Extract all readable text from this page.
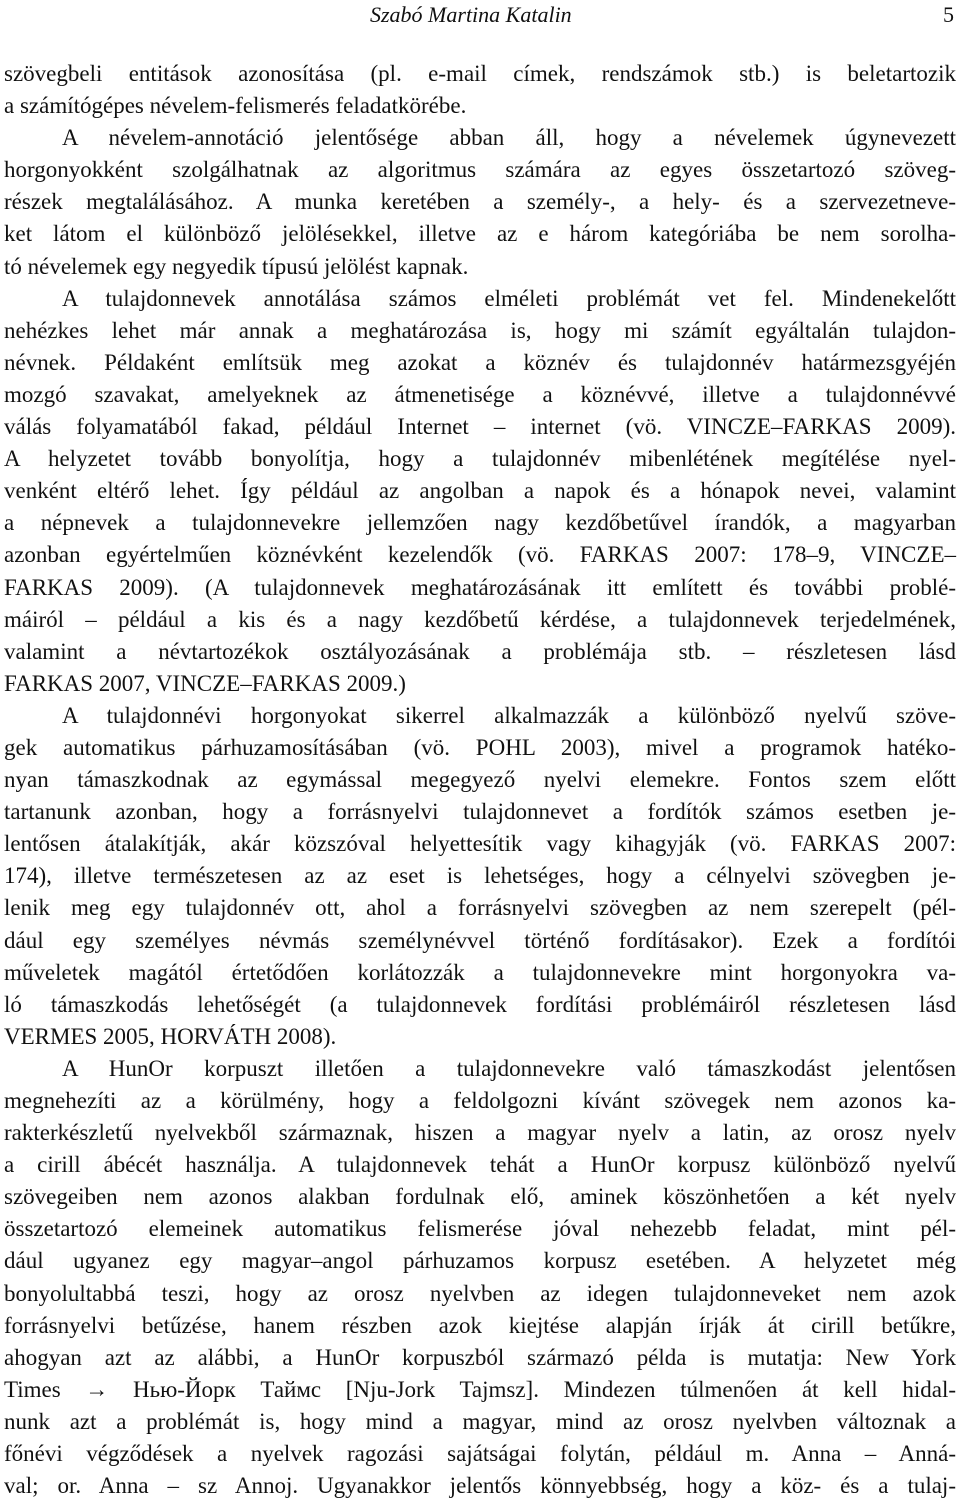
Szabó Martina Katalin	5
szövegbeli entitások azonosítása (pl. e-mail címek, rendszámok stb.) is beletartozik
a számítógépes névelem-felismerés feladatkörébe.
A névelem-annotáció jelentősége abban áll, hogy a névelemek úgynevezett
horgonyokként szolgálhatnak az algoritmus számára az egyes összetartozó szöveg-
részek megtalálásához. A munka keretében a személy-, a hely- és a szervezetneve-
ket látom el különböző jelölésekkel, illetve az e három kategóriába be nem sorolha-
tó névelemek egy negyedik típusú jelölést kapnak.
A tulajdonnevek annotálása számos elméleti problémát vet fel. Mindenekelőtt
nehézkes lehet már annak a meghatározása is, hogy mi számít egyáltalán tulajdon-
névnek. Példaként említsük meg azokat a köznév és tulajdonnév határmezsgyéjén
mozgó szavakat, amelyeknek az átmenetisége a köznévvé, illetve a tulajdonnévvé
válás folyamatából fakad, például Internet – internet (vö. VINCZE–FARKAS 2009).
A helyzetet tovább bonyolítja, hogy a tulajdonnév mibenlétének megítélése nyel-
venként eltérő lehet. Így például az angolban a napok és a hónapok nevei, valamint
a népnevek a tulajdonnevekre jellemzően nagy kezdőbetűvel írandók, a magyarban
azonban egyértelműen köznévként kezelendők (vö. FARKAS 2007: 178–9, VINCZE–
FARKAS 2009). (A tulajdonnevek meghatározásának itt említett és további problé-
máiról – például a kis és a nagy kezdőbetű kérdése, a tulajdonnevek terjedelmének,
valamint a névtartozékok osztályozásának a problémája stb. – részletesen lásd
FARKAS 2007, VINCZE–FARKAS 2009.)
A tulajdonnévi horgonyokat sikerrel alkalmazzák a különböző nyelvű szöve-
gek automatikus párhuzamosításában (vö. POHL 2003), mivel a programok hatéko-
nyan támaszkodnak az egymással megegyező nyelvi elemekre. Fontos szem előtt
tartanunk azonban, hogy a forrásnyelvi tulajdonnevet a fordítók számos esetben je-
lentősen átalakítják, akár közszóval helyettesítik vagy kihagyják (vö. FARKAS 2007:
174), illetve természetesen az az eset is lehetséges, hogy a célnyelvi szövegben je-
lenik meg egy tulajdonnév ott, ahol a forrásnyelvi szövegben az nem szerepelt (pél-
dául egy személyes névmás személynévvel történő fordításakor). Ezek a fordítói
műveletek magától értetődően korlátozzák a tulajdonnevekre mint horgonyokra va-
ló támaszkodás lehetőségét (a tulajdonnevek fordítási problémáiról részletesen lásd
VERMES 2005, HORVÁTH 2008).
A HunOr korpuszt illetően a tulajdonnevekre való támaszkodást jelentősen
megnehezíti az a körülmény, hogy a feldolgozni kívánt szövegek nem azonos ka-
rakterkészletű nyelvekből származnak, hiszen a magyar nyelv a latin, az orosz nyelv
a cirill ábécét használja. A tulajdonnevek tehát a HunOr korpusz különböző nyelvű
szövegeiben nem azonos alakban fordulnak elő, aminek köszönhetően a két nyelv
összetartozó elemeinek automatikus felismerése jóval nehezebb feladat, mint pél-
dául ugyanez egy magyar–angol párhuzamos korpusz esetében. A helyzetet még
bonyolultabbá teszi, hogy az orosz nyelvben az idegen tulajdonneveket nem azok
forrásnyelvi betűzése, hanem részben azok kiejtése alapján írják át cirill betűkre,
ahogyan azt az alábbi, a HunOr korpuszból származó példa is mutatja: New York
Times → Нью-Йорк Таймс [Nju-Jork Tajmsz]. Mindezen túlmenően át kell hidal-
nunk azt a problémát is, hogy mind a magyar, mind az orosz nyelvben változnak a
főnévi végződések a nyelvek ragozási sajátságai folytán, például m. Anna – Anná-
val; or. Anna – sz Annoj. Ugyanakkor jelentős könnyebbség, hogy a köz- és a tulaj-
